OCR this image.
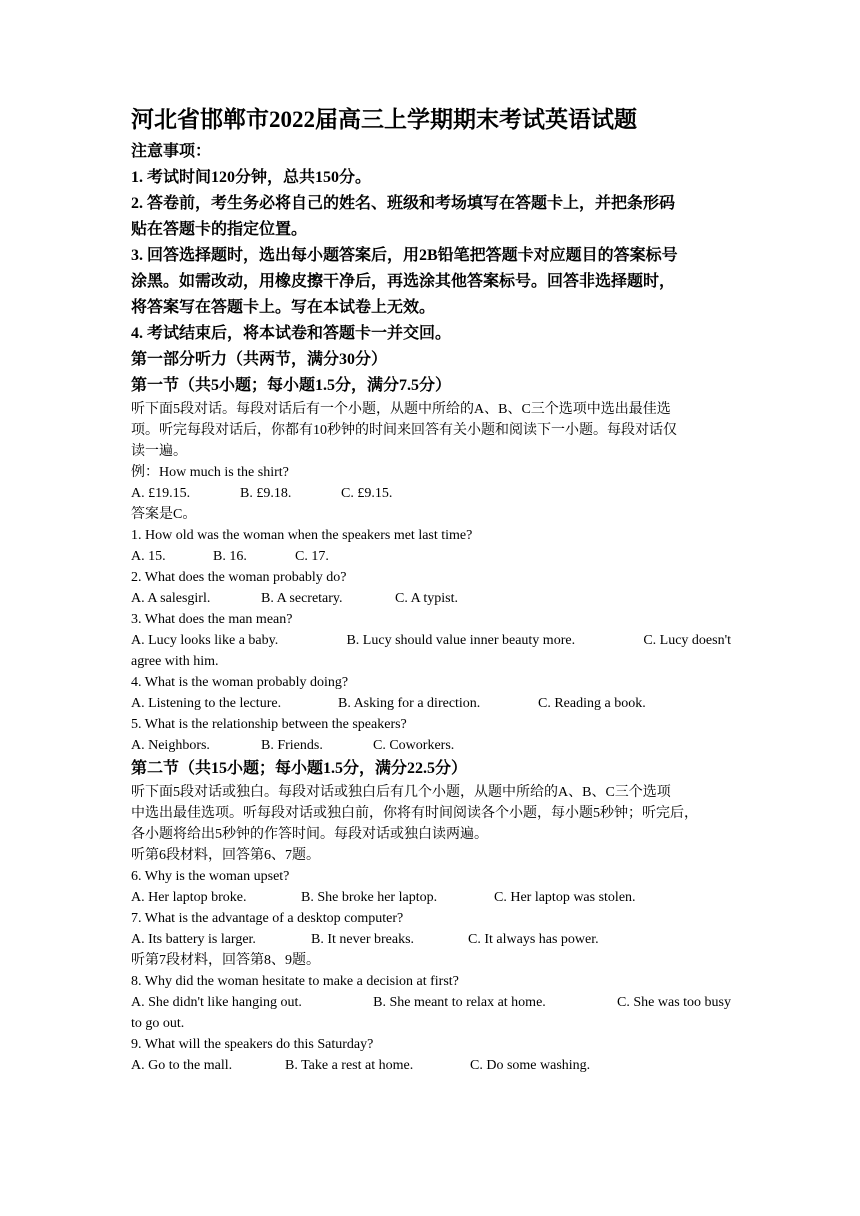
河北省邯郸市2022届高三上学期期末考试英语试题
注意事项：
1. 考试时间120分钟，总共150分。
2. 答卷前，考生务必将自己的姓名、班级和考场填写在答题卡上，并把条形码
贴在答题卡的指定位置。
3. 回答选择题时，选出每小题答案后，用2B铅笔把答题卡对应题目的答案标号
涂黑。如需改动，用橡皮擦干净后，再选涂其他答案标号。回答非选择题时，
将答案写在答题卡上。写在本试卷上无效。
4. 考试结束后，将本试卷和答题卡一并交回。
第一部分听力（共两节，满分30分）
第一节（共5小题；每小题1.5分，满分7.5分）
听下面5段对话。每段对话后有一个小题，从题中所给的A、B、C三个选项中选出最佳选
项。听完每段对话后，你都有10秒钟的时间来回答有关小题和阅读下一小题。每段对话仅
读一遍。
例：How much is the shirt?
A. £19.15.	B. £9.18.	C. £9.15.
答案是C。
1. How old was the woman when the speakers met last time?
A. 15.	B. 16.	C. 17.
2. What does the woman probably do?
A. A salesgirl.	B. A secretary.	C. A typist.
3. What does the man mean?
A. Lucy looks like a baby.	B. Lucy should value inner beauty more.	C. Lucy doesn't
agree with him.
4. What is the woman probably doing?
A. Listening to the lecture.	B. Asking for a direction.	C. Reading a book.
5. What is the relationship between the speakers?
A. Neighbors.	B. Friends.	C. Coworkers.
第二节（共15小题；每小题1.5分，满分22.5分）
听下面5段对话或独白。每段对话或独白后有几个小题，从题中所给的A、B、C三个选项
中选出最佳选项。听每段对话或独白前，你将有时间阅读各个小题，每小题5秒钟；听完后，
各小题将给出5秒钟的作答时间。每段对话或独白读两遍。
听第6段材料，回答第6、7题。
6. Why is the woman upset?
A. Her laptop broke.	B. She broke her laptop.	C. Her laptop was stolen.
7. What is the advantage of a desktop computer?
A. Its battery is larger.	B. It never breaks.	C. It always has power.
听第7段材料，回答第8、9题。
8. Why did the woman hesitate to make a decision at first?
A. She didn't like hanging out.	B. She meant to relax at home.	C. She was too busy
to go out.
9. What will the speakers do this Saturday?
A. Go to the mall.	B. Take a rest at home.	C. Do some washing.
